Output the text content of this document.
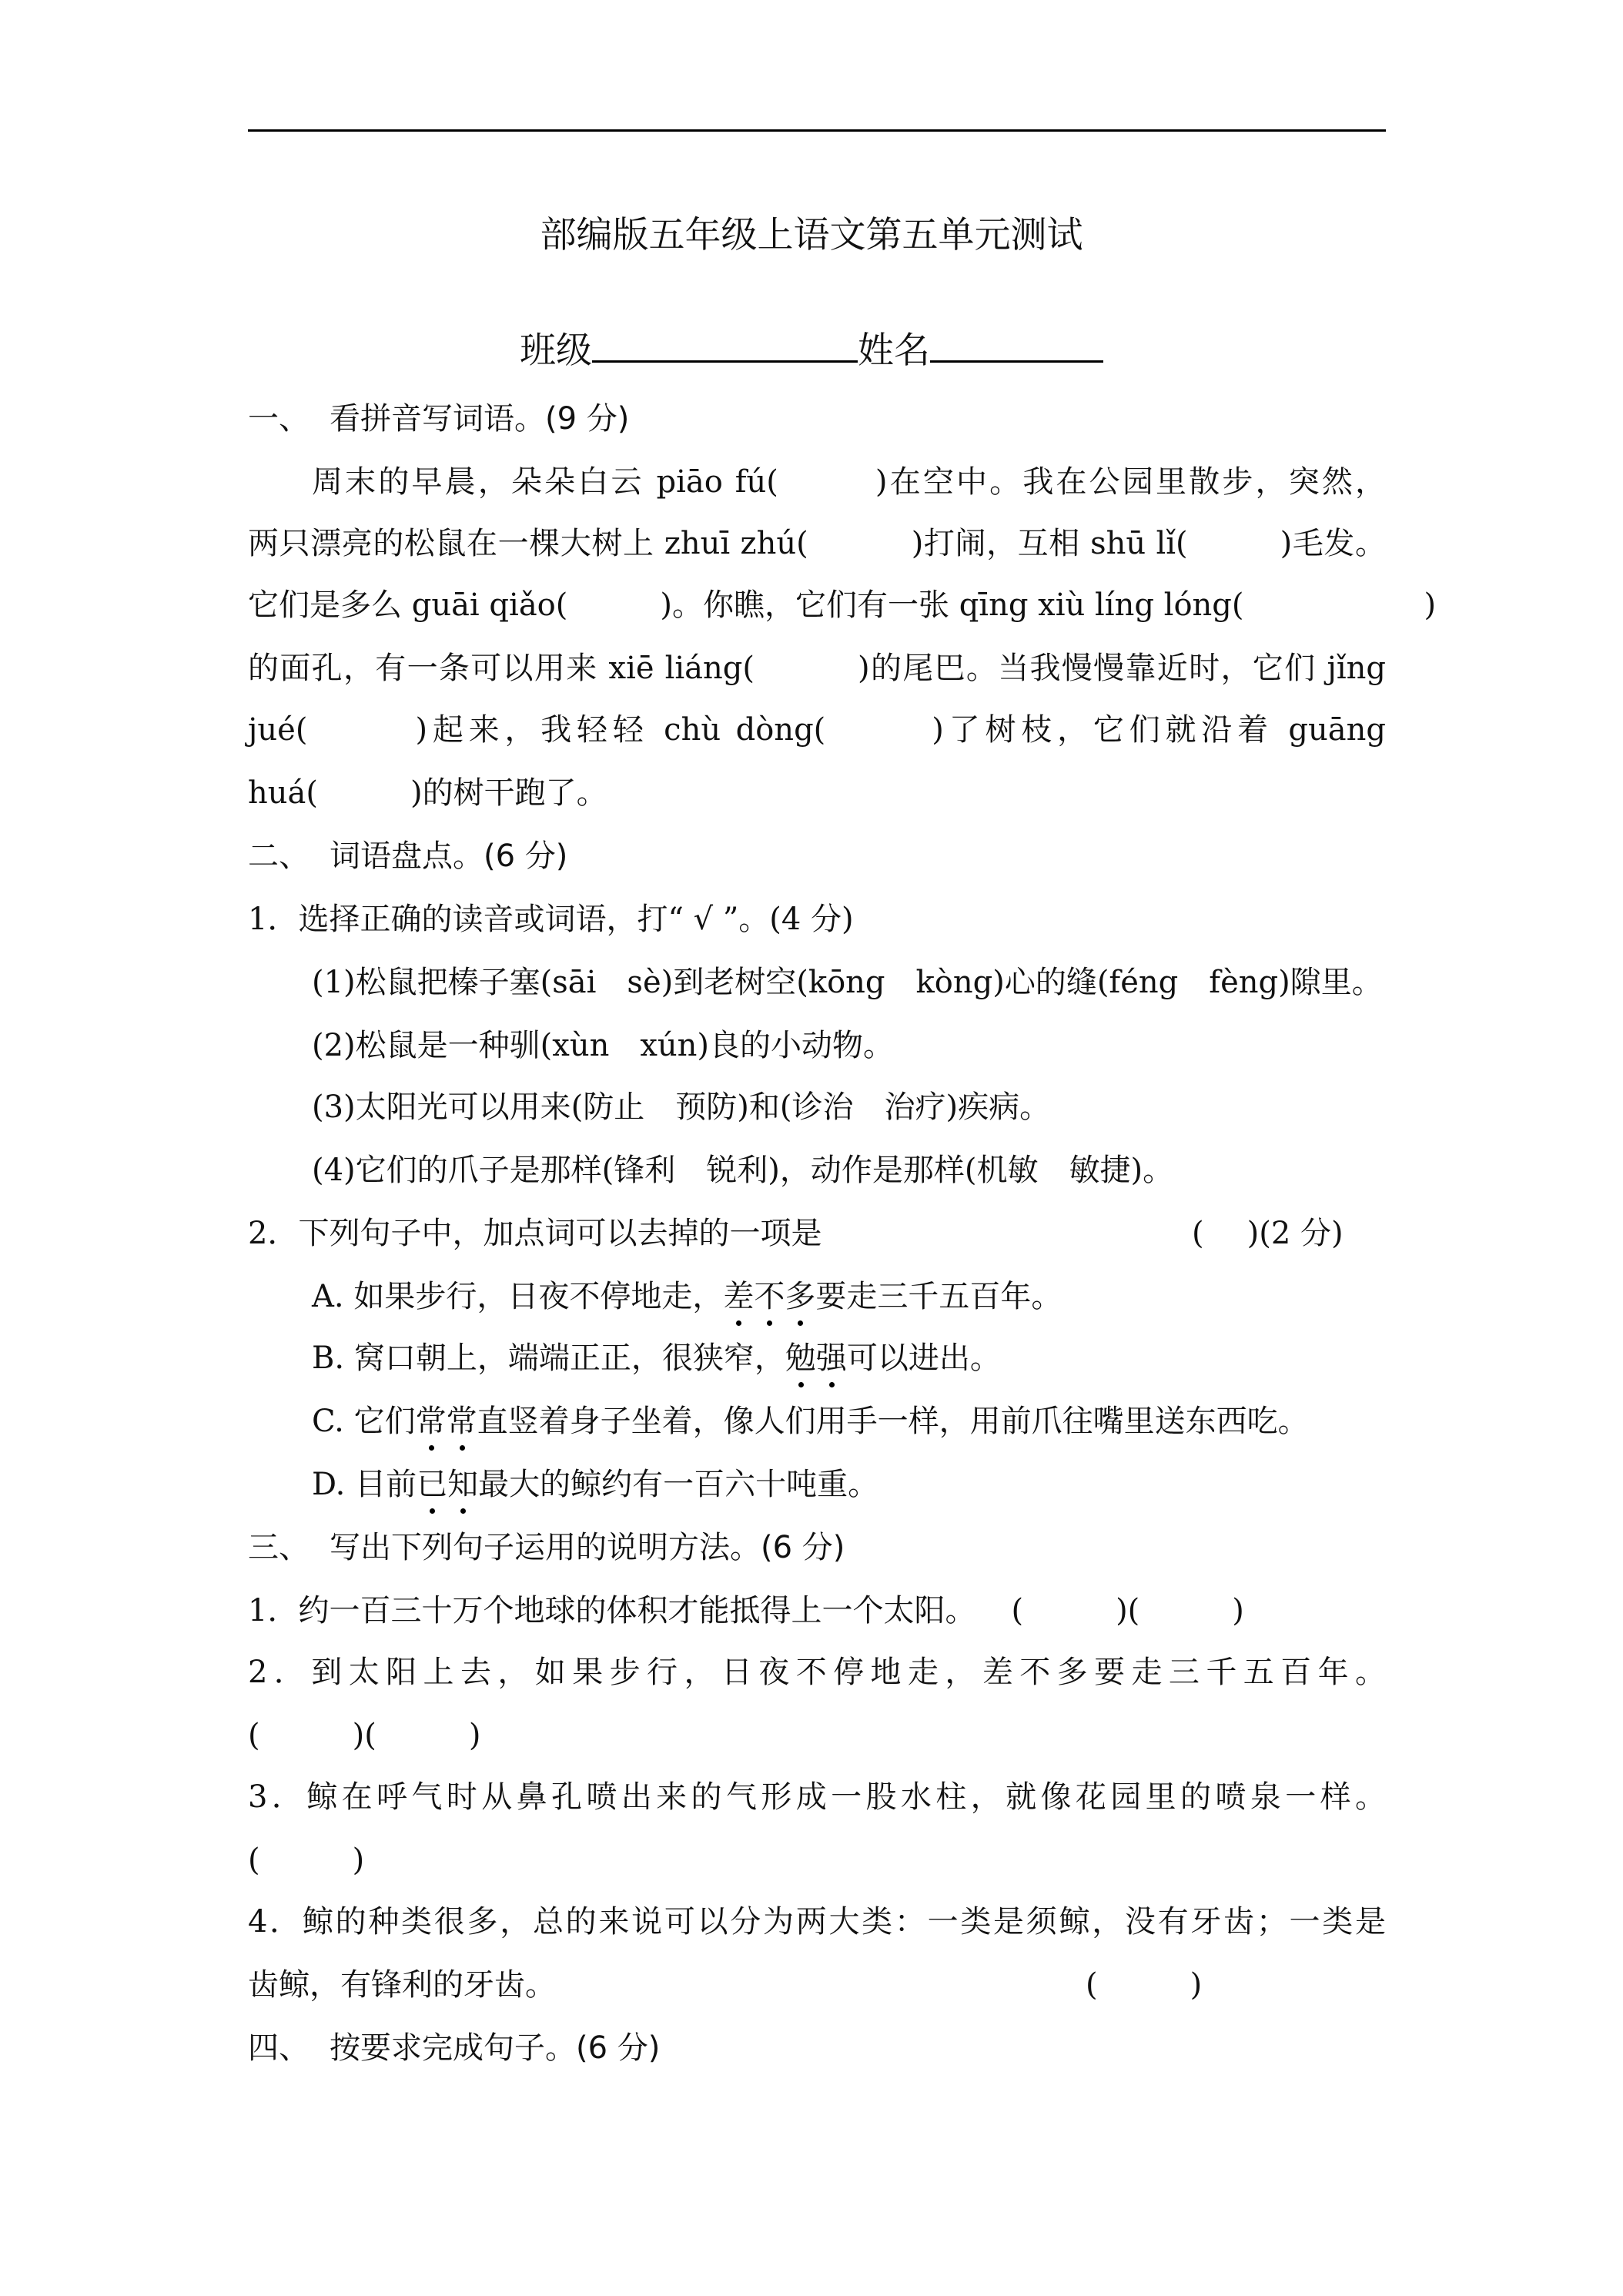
部编版五年级上语文第五单元测试
班级	姓名
一、 看拼音写词语。(9 分)
周末的早晨，朵朵白云 piāo fú(	)在空中。我在公园里散步，突然，
两只漂亮的松鼠在一棵大树上 zhuī zhú(	)打闹，互相 shū lǐ(	)毛发。
它们是多么 guāi qiǎo(	)。你瞧，它们有一张 qīng xiù líng lóng(	)
的面孔，有一条可以用来 xiē liáng(	)的尾巴。当我慢慢靠近时，它们 jǐng
jué(	)起来，我轻轻 chù dòng(	)了树枝，它们就沿着 guāng
huá(	)的树干跑了。
二、 词语盘点。(6 分)
1．选择正确的读音或词语，打“ √ ”。(4 分)
(1)松鼠把榛子塞(sāi　sè)到老树空(kōng　kòng)心的缝(féng　fèng)隙里。
(2)松鼠是一种驯(xùn　xún)良的小动物。
(3)太阳光可以用来(防止　预防)和(诊治　治疗)疾病。
(4)它们的爪子是那样(锋利　锐利)，动作是那样(机敏　敏捷)。
2．下列句子中，加点词可以去掉的一项是	( )(2 分)
A. 如果步行，日夜不停地走，差不多要走三千五百年。
B. 窝口朝上，端端正正，很狭窄，勉强可以进出。
C. 它们常常直竖着身子坐着，像人们用手一样，用前爪往嘴里送东西吃。
D. 目前已知最大的鲸约有一百六十吨重。
三、 写出下列句子运用的说明方法。(6 分)
1．约一百三十万个地球的体积才能抵得上一个太阳。 (	)(	)
2．到太阳上去，如果步行，日夜不停地走，差不多要走三千五百年。
(	)(	)
3．鲸在呼气时从鼻孔喷出来的气形成一股水柱，就像花园里的喷泉一样。
(	)
4．鲸的种类很多，总的来说可以分为两大类：一类是须鲸，没有牙齿；一类是
齿鲸，有锋利的牙齿。	(	)
四、 按要求完成句子。(6 分)
